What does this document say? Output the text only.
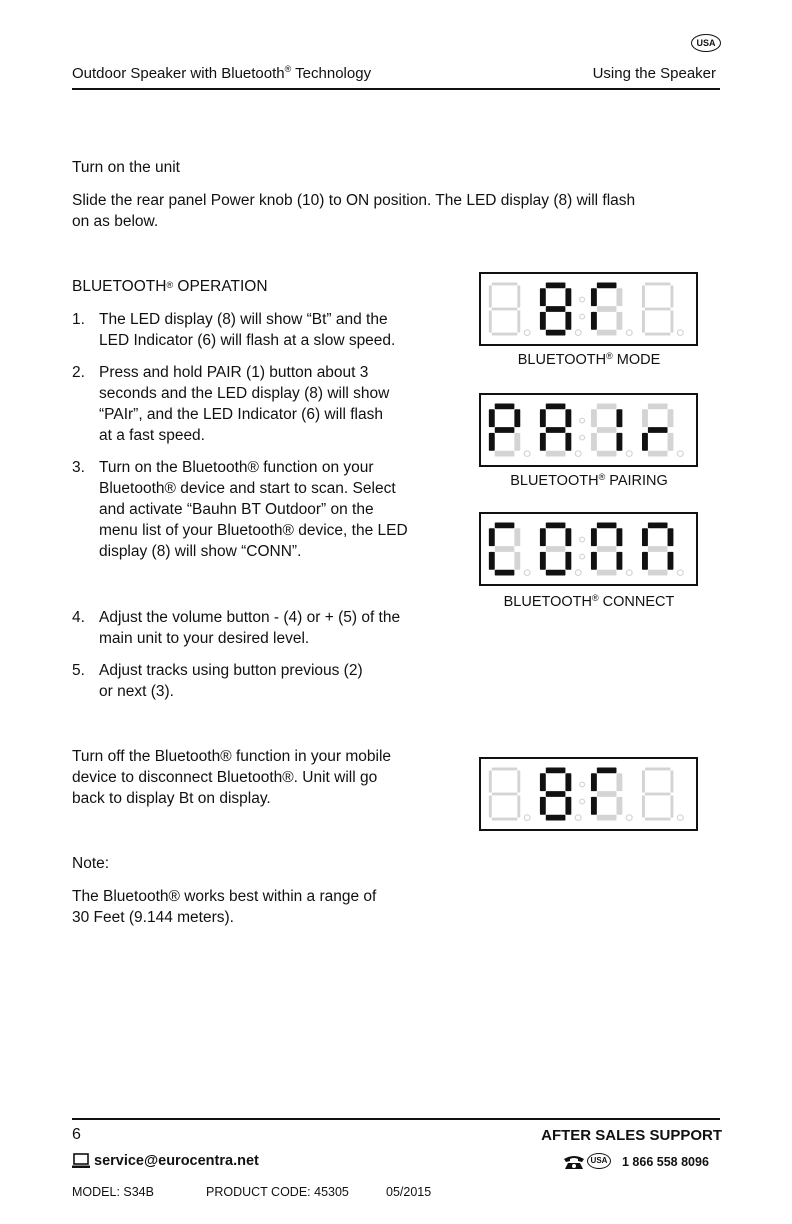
USA
Outdoor Speaker with Bluetooth® Technology	Using the Speaker
Turn on the unit
Slide the rear panel Power knob (10) to ON position. The LED display (8) will flash
on as below.
BLUETOOTH® OPERATION
1. The LED display (8) will show “Bt” and the
LED Indicator (6) will flash at a slow speed.
2. Press and hold PAIR (1) button about 3
seconds and the LED display (8) will show
“PAIr”, and the LED Indicator (6) will flash
at a fast speed.
3. Turn on the Bluetooth® function on your
Bluetooth® device and start to scan. Select
and activate “Bauhn BT Outdoor” on the
menu list of your Bluetooth® device, the LED
display (8) will show “CONN”.
4. Adjust the volume button - (4) or + (5) of the
main unit to your desired level.
5. Adjust tracks using button previous (2)
or next (3).
BLUETOOTH® MODE
BLUETOOTH® PAIRING
BLUETOOTH® CONNECT
Turn off the Bluetooth® function in your mobile
device to disconnect Bluetooth®. Unit will go
back to display Bt on display.
Note:
The Bluetooth® works best within a range of
30 Feet (9.144 meters).
6	AFTER SALES SUPPORT
service@eurocentra.net	USA 1 866 558 8096
MODEL: S34B	PRODUCT CODE: 45305	05/2015
